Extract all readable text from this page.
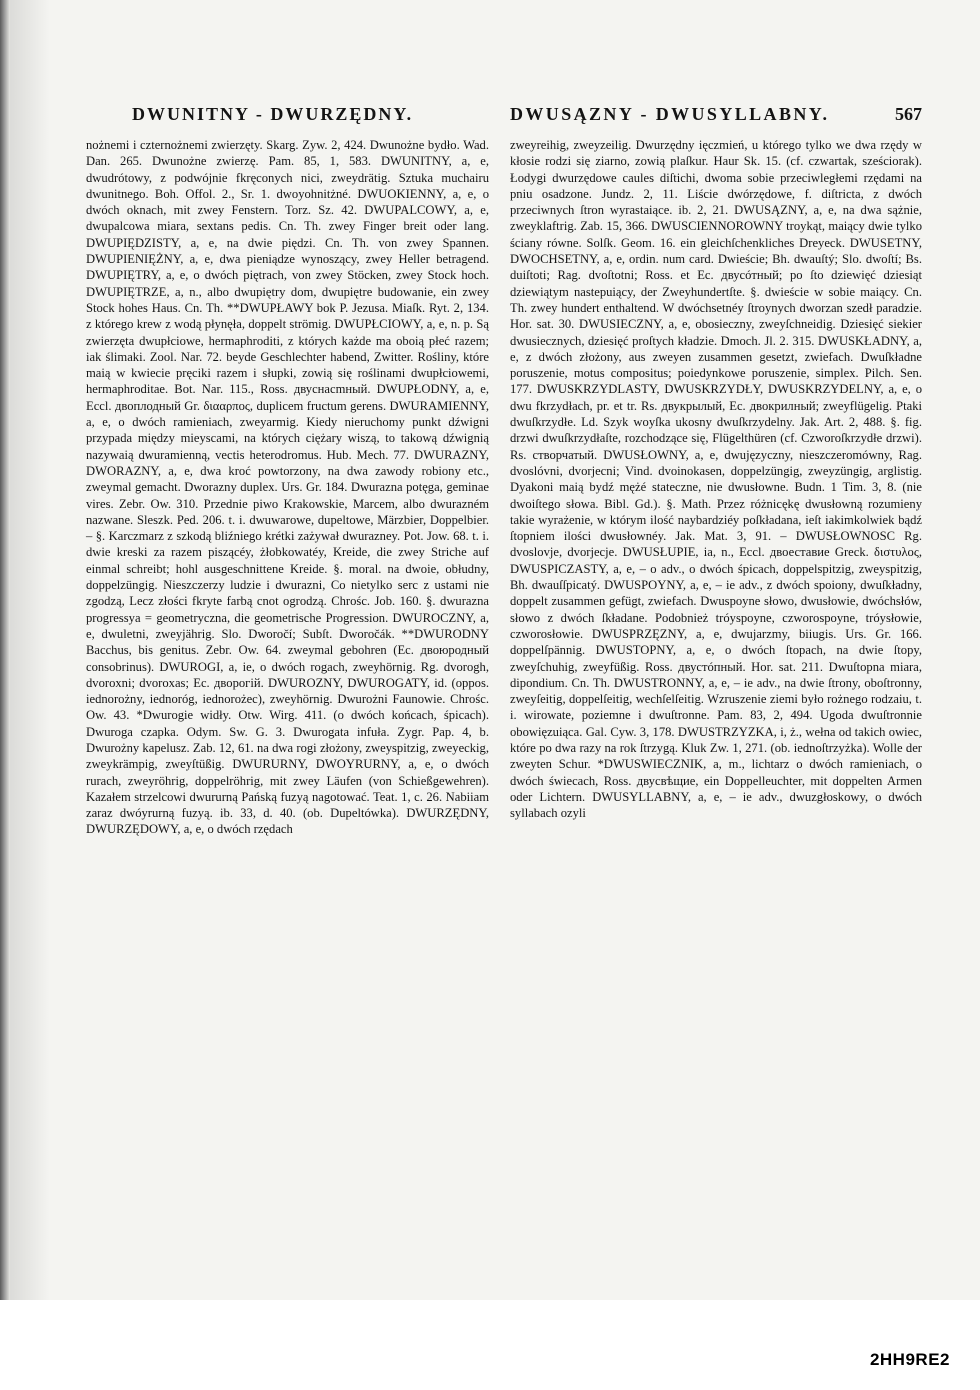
DWUNITNY - DWURZĘDNY.	DWUSĄZNY - DWUSYLLABNY.	567

nożnemi i czternożnemi zwierzęty. Skarg. Zyw. 2, 424. Dwunożne bydło. Wad. Dan. 265. Dwunożne zwierzę. Pam. 85, 1, 583. DWUNITNY, a, e, dwudrótowy, z podwójnie fkręconych nici, zweydrätig. Sztuka muchairu dwunitnego. Boh. Offol. 2., Sr. 1. dwoyohnitżné. DWUOKIENNY, a, e, o dwóch oknach, mit zwey Fenstern. Torz. Sz. 42. DWUPALCOWY, a, e, dwupalcowa miara, sextans pedis. Cn. Th. zwey Finger breit oder lang. DWUPIĘDZISTY, a, e, na dwie piędzi. Cn. Th. von zwey Spannen. DWUPIENIĘŻNY, a, e, dwa pieniądze wynoszący, zwey Heller betragend. DWUPIĘTRY, a, e, o dwóch piętrach, von zwey Stöcken, zwey Stock hoch. DWUPIĘTRZE, a, n., albo dwupiętry dom, dwupiętre budowanie, ein zwey Stock hohes Haus. Cn. Th. **DWUPŁAWY bok P. Jezusa. Miaſk. Ryt. 2, 134. z którego krew z wodą płynęła, doppelt strömig. DWUPŁCIOWY, a, e, n. p. Są zwierzęta dwupłciowe, hermaphroditi, z których każde ma oboią płeć razem; iak ślimaki. Zool. Nar. 72. beyde Geschlechter habend, Zwitter. Rośliny, które maią w kwiecie pręciki razem i słupki, zowią się roślinami dwupłciowemi, hermaphroditae. Bot. Nar. 115., Ross. двуснасmный. DWUPŁODNY, a, e, Eccl. двоплодный Gr. διααρπος, duplicem fructum gerens. DWURAMIENNY, a, e, o dwóch ramieniach, zweyarmig. Kiedy nieruchomy punkt dźwigni przypada między mieyscami, na których ciężary wiszą, to takową dźwignią nazywaią dwuramienną, vectis heterodromus. Hub. Mech. 77. DWURAZNY, DWORAZNY, a, e, dwa kroć powtorzony, na dwa zawody robiony etc., zweymal gemacht. Dworazny duplex. Urs. Gr. 184. Dwurazna potęga, geminae vires. Zebr. Ow. 310. Przednie piwo Krakowskie, Marcem, albo dwurazném nazwane. Sleszk. Ped. 206. t. i. dwuwarowe, dupeltowe, Märzbier, Doppelbier. – §. Karczmarz z szkodą bliźniego krétki zażywał dwurazney. Pot. Jow. 68. t. i. dwie kreski za razem piszącéy, żłobkowatéy, Kreide, die zwey Striche auf einmal schreibt; hohl ausgeschnittene Kreide. §. moral. na dwoie, obłudny, doppelzüngig. Nieszczerzy ludzie i dwurazni, Co nietylko serc z ustami nie zgodzą, Lecz złości fkryte farbą cnot ogrodzą. Chrośc. Job. 160. §. dwurazna progressya = geometryczna, die geometrische Progression. DWUROCZNY, a, e, dwuletni, zweyjährig. Slo. Dworočí; Subſt. Dworočák. **DWURODNY Bacchus, bis genitus. Zebr. Ow. 64. zweymal gebohren (Ec. двоюродный consobrinus). DWUROGI, a, ie, o dwóch rogach, zweyhörnig. Rg. dvorogh, dvoroxni; dvoroxas; Ec. двоpoгiй. DWUROZNY, DWUROGATY, id. (oppos. iednorożny, iednoróg, iednorożec), zweyhörnig. Dwurożni Faunowie. Chrośc. Ow. 43. *Dwurogie widły. Otw. Wirg. 411. (o dwóch końcach, śpicach). Dwuroga czapka. Odym. Sw. G. 3. Dwurogata infuła. Zygr. Pap. 4, b. Dwurożny kapelusz. Zab. 12, 61. na dwa rogi złożony, zweyspitzig, zweyeckig, zweykrämpig, zweyſtüßig. DWURURNY, DWOYRURNY, a, e, o dwóch rurach, zweyröhrig, doppelröhrig, mit zwey Läufen (von Schießgewehren). Kazałem strzelcowi dwururną Pańską fuzyą nagotować. Teat. 1, c. 26. Nabiiam zaraz dwóyrurną fuzyą. ib. 33, d. 40. (ob. Dupeltówka). DWURZĘDNY, DWURZĘDOWY, a, e, o dwóch rzędach

zweyreihig, zweyzeilig. Dwurzędny ięczmień, u którego tylko we dwa rzędy w kłosie rodzi się ziarno, zowią plaſkur. Haur Sk. 15. (cf. czwartak, sześciorak). Łodygi dwurzędowe caules diſtichi, dwoma sobie przeciwległemi rzędami na pniu osadzone. Jundz. 2, 11. Liście dwórzędowe, f. diſtricta, z dwóch przeciwnych ſtron wyrastaiące. ib. 2, 21. DWUSĄZNY, a, e, na dwa sążnie, zweyklaftrig. Zab. 15, 366. DWUSCIENNOROWNY troykąt, maiący dwie tylko ściany równe. Solſk. Geom. 16. ein gleichſchenkliches Dreyeck. DWUSETNY, DWOCHSETNY, a, e, ordin. num card. Dwieście; Bh. dwauſtý; Slo. dwoſtí; Bs. duiſtoti; Rag. dvoſtotni; Ross. et Ec. двусóтный; po ſto dziewięć dziesiąt dziewiątym nastepuiący, der Zweyhundertſte. §. dwieście w sobie maiący. Cn. Th. zwey hundert enthaltend. W dwóchsetnéy ſtroynych dworzan szedł paradzie. Hor. sat. 30. DWUSIECZNY, a, e, obosieczny, zweyſchneidig. Dziesięć siekier dwusiecznych, dziesięć proſtych kładzie. Dmoch. Jl. 2. 315. DWUSKŁADNY, a, e, z dwóch złożony, aus zweyen zusammen gesetzt, zwiefach. Dwuſkładne poruszenie, motus compositus; poiedynkowe poruszenie, simplex. Pilch. Sen. 177. DWUSKRZYDLASTY, DWUSKRZYDŁY, DWUSKRZYDELNY, a, e, o dwu fkrzydłach, pr. et tr. Rs. двукрылый, Ec. двокрилный; zweyflügelig. Ptaki dwuſkrzydłe. Ld. Szyk woyſka ukosny dwuſkrzydelny. Jak. Art. 2, 488. §. fig. drzwi dwuſkrzydłaſte, rozchodzące się, Flügelthüren (cf. Czworoſkrzydłe drzwi). Rs. створчатый. DWUSŁOWNY, a, e, dwujęzyczny, nieszczeromówny, Rag. dvoslóvni, dvorjecni; Vind. dvoinokasen, doppelzüngig, zweyzüngig, arglistig. Dyakoni maią bydź mężé stateczne, nie dwusłowne. Budn. 1 Tim. 3, 8. (nie dwoiſtego słowa. Bibl. Gd.). §. Math. Przez różnicękę dwusłowną rozumieny takie wyrażenie, w którym ilość naybardziéy poſkładana, ieſt iakimkolwiek bądź ſtopniem ilości dwusłownéy. Jak. Mat. 3, 91. – DWUSŁOWNOSC Rg. dvoslovje, dvorjecje. DWUSŁUPIE, ia, n., Eccl. двоеставие Greck. διστυλος, DWUSPICZASTY, a, e, – o adv., o dwóch śpicach, doppelspitzig, zweyspitzig, Bh. dwauſſpicatý. DWUSPOYNY, a, e, – ie adv., z dwóch spoiony, dwuſkładny, doppelt zusammen gefügt, zwiefach. Dwuspoyne słowo, dwusłowie, dwóchsłów, słowo z dwóch ſkładane. Podobnież tróyspoyne, czworospoyne, tróysłowie, czworosłowie. DWUSPRZĘZNY, a, e, dwujarzmy, biiugis. Urs. Gr. 166. doppelſpännig. DWUSTOPNY, a, e, o dwóch ſtopach, na dwie ſtopy, zweyſchuhig, zweyfüßig. Ross. двустóпный. Hor. sat. 211. Dwuſtopna miara, dipondium. Cn. Th. DWUSTRONNY, a, e, – ie adv., na dwie ſtrony, oboſtronny, zweyſeitig, doppelſeitig, wechſelſeitig. Wzruszenie ziemi było rożnego rodzaiu, t. i. wirowate, poziemne i dwuſtronne. Pam. 83, 2, 494. Ugoda dwuſtronnie obowięzuiąca. Gal. Cyw. 3, 178. DWUSTRZYZKA, i, ż., wełna od takich owiec, które po dwa razy na rok ſtrzygą. Kluk Zw. 1, 271. (ob. iednoſtrzyżka). Wolle der zweyten Schur. *DWUSWIECZNIK, a, m., lichtarz o dwóch ramieniach, o dwóch świecach, Ross. двусвѣщие, ein Doppelleuchter, mit doppelten Armen oder Lichtern. DWUSYLLABNY, a, e, – ie adv., dwuzgłoskowy, o dwóch syllabach ozyli

2HH9RE2
